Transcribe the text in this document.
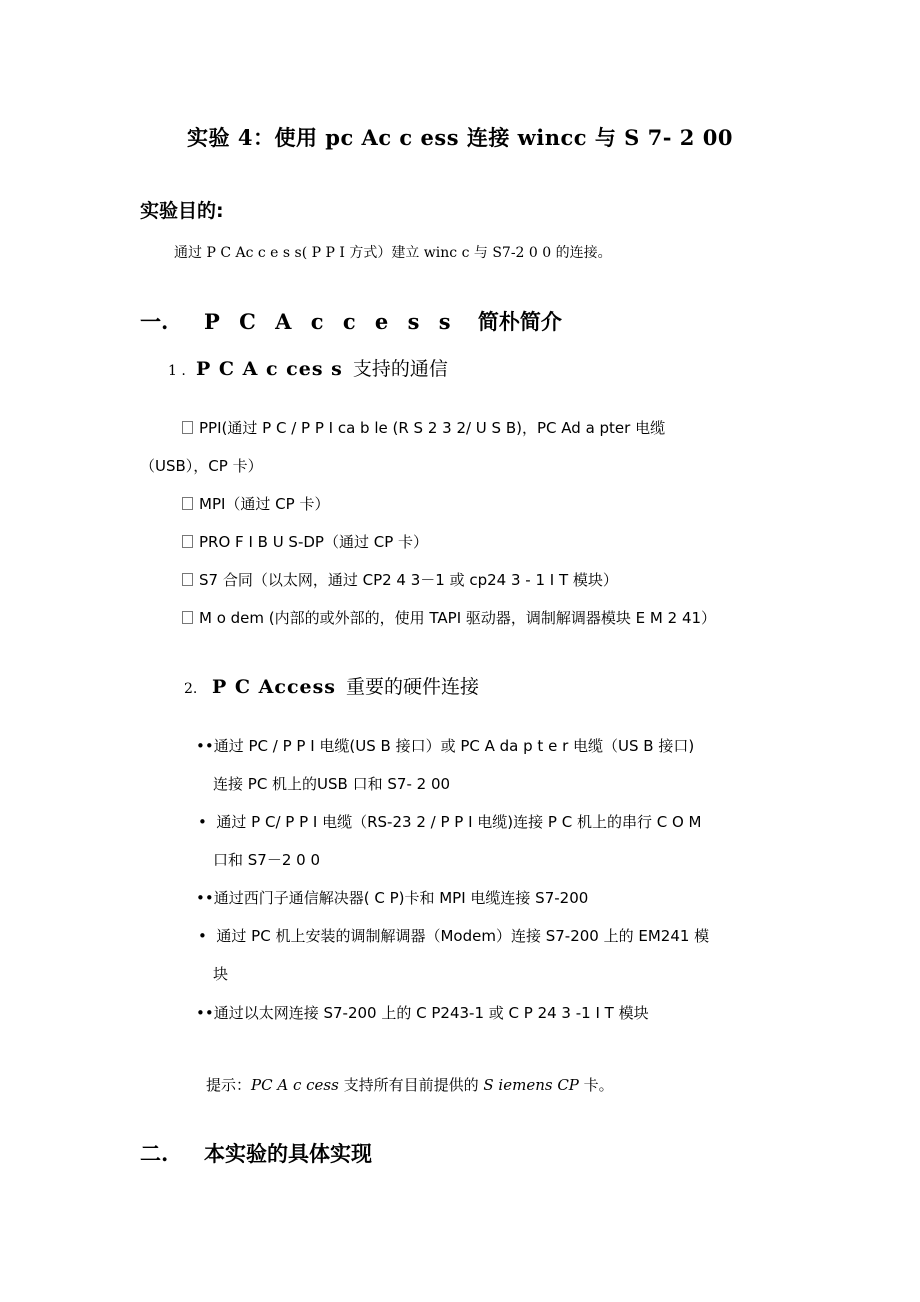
实验 4：使用 pc Ac c ess 连接 wincc 与 S 7- 2 00
实验目的:
通过 P C Ac c e s s( P P I 方式）建立 winc c 与 S7-2 0 0 的连接。
一. P C A c c e s s 简朴简介
1 . P C A c ces s 支持的通信
PPI(通过 P C / P P I ca b le (R S 2 3 2/ U S B)，PC Ad a pter 电缆
（USB），CP 卡）
MPI（通过 CP 卡）
PRO F I B U S-DP（通过 CP 卡）
S7 合同（以太网，通过 CP2 4 3－1 或 cp24 3 - 1 I T 模块）
M o dem (内部的或外部的，使用 TAPI 驱动器，调制解调器模块 E M 2 41）
2. P C Access 重要的硬件连接
••通过 PC / P P I 电缆(US B 接口）或 PC A da p t e r 电缆（US B 接口)
连接 PC 机上的USB 口和 S7- 2 00
• 通过 P C/ P P I 电缆（RS-23 2 / P P I 电缆)连接 P C 机上的串行 C O M
口和 S7－2 0 0
••通过西门子通信解决器( C P)卡和 MPI 电缆连接 S7-200
• 通过 PC 机上安装的调制解调器（Modem）连接 S7-200 上的 EM241 模
块
••通过以太网连接 S7-200 上的 C P243-1 或 C P 24 3 -1 I T 模块
提示：PC A c cess 支持所有目前提供的 S iemens CP 卡。
二. 本实验的具体实现
